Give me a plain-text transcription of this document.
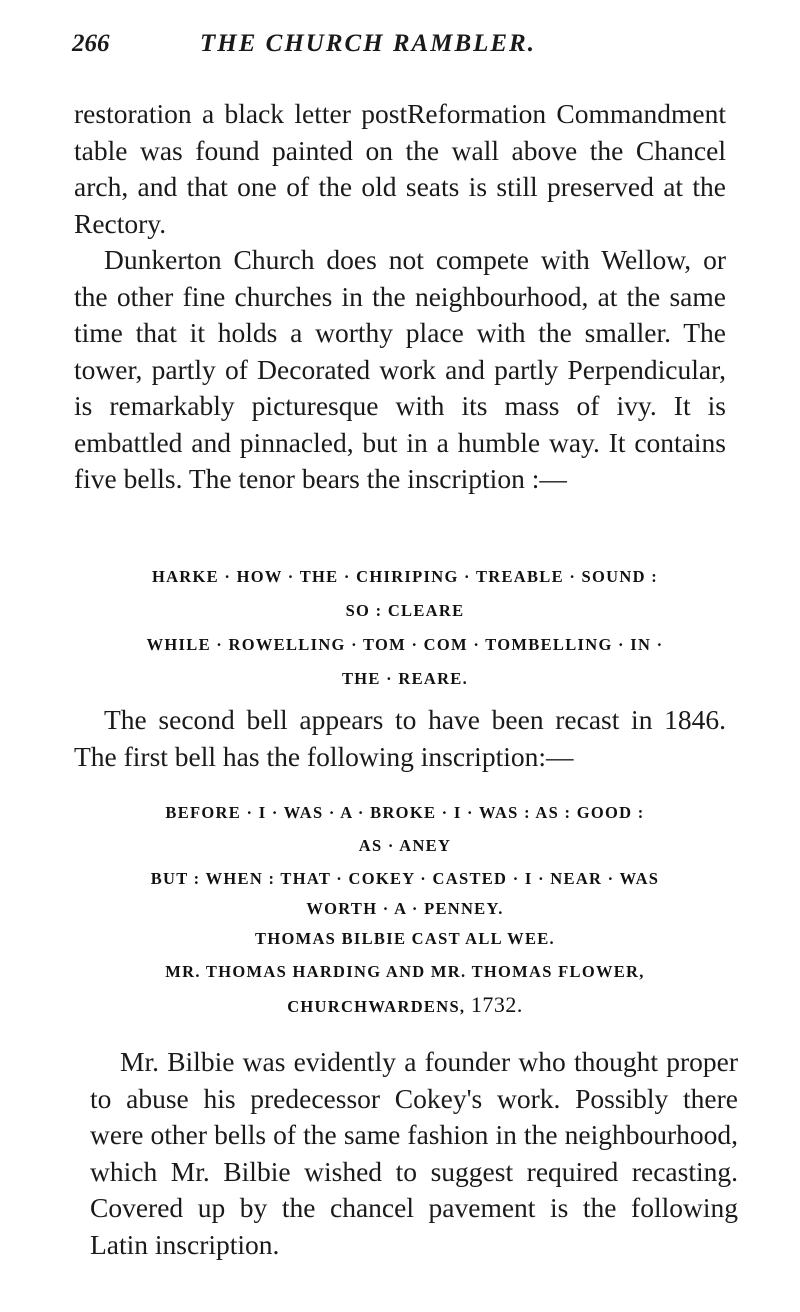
266	THE CHURCH RAMBLER.

restoration a black letter postReformation Commandment table was found painted on the wall above the Chancel arch, and that one of the old seats is still preserved at the Rectory.

Dunkerton Church does not compete with Wellow, or the other fine churches in the neighbourhood, at the same time that it holds a worthy place with the smaller. The tower, partly of Decorated work and partly Perpendicular, is remarkably picturesque with its mass of ivy. It is embattled and pinnacled, but in a humble way. It contains five bells. The tenor bears the inscription :—

HARKE · HOW · THE · CHIRIPING · TREABLE · SOUND :

SO : CLEARE

WHILE · ROWELLING · TOM · COM · TOMBELLING · IN ·

THE · REARE.

The second bell appears to have been recast in 1846. The first bell has the following inscription:—

BEFORE · I · WAS · A · BROKE · I · WAS : AS : GOOD :

AS · ANEY

BUT : WHEN : THAT · COKEY · CASTED · I · NEAR · WAS

WORTH · A · PENNEY.

THOMAS BILBIE CAST ALL WEE.

MR. THOMAS HARDING AND MR. THOMAS FLOWER,

CHURCHWARDENS, 1732.

Mr. Bilbie was evidently a founder who thought proper to abuse his predecessor Cokey's work. Possibly there were other bells of the same fashion in the neighbourhood, which Mr. Bilbie wished to suggest required recasting. Covered up by the chancel pavement is the following Latin inscription.
